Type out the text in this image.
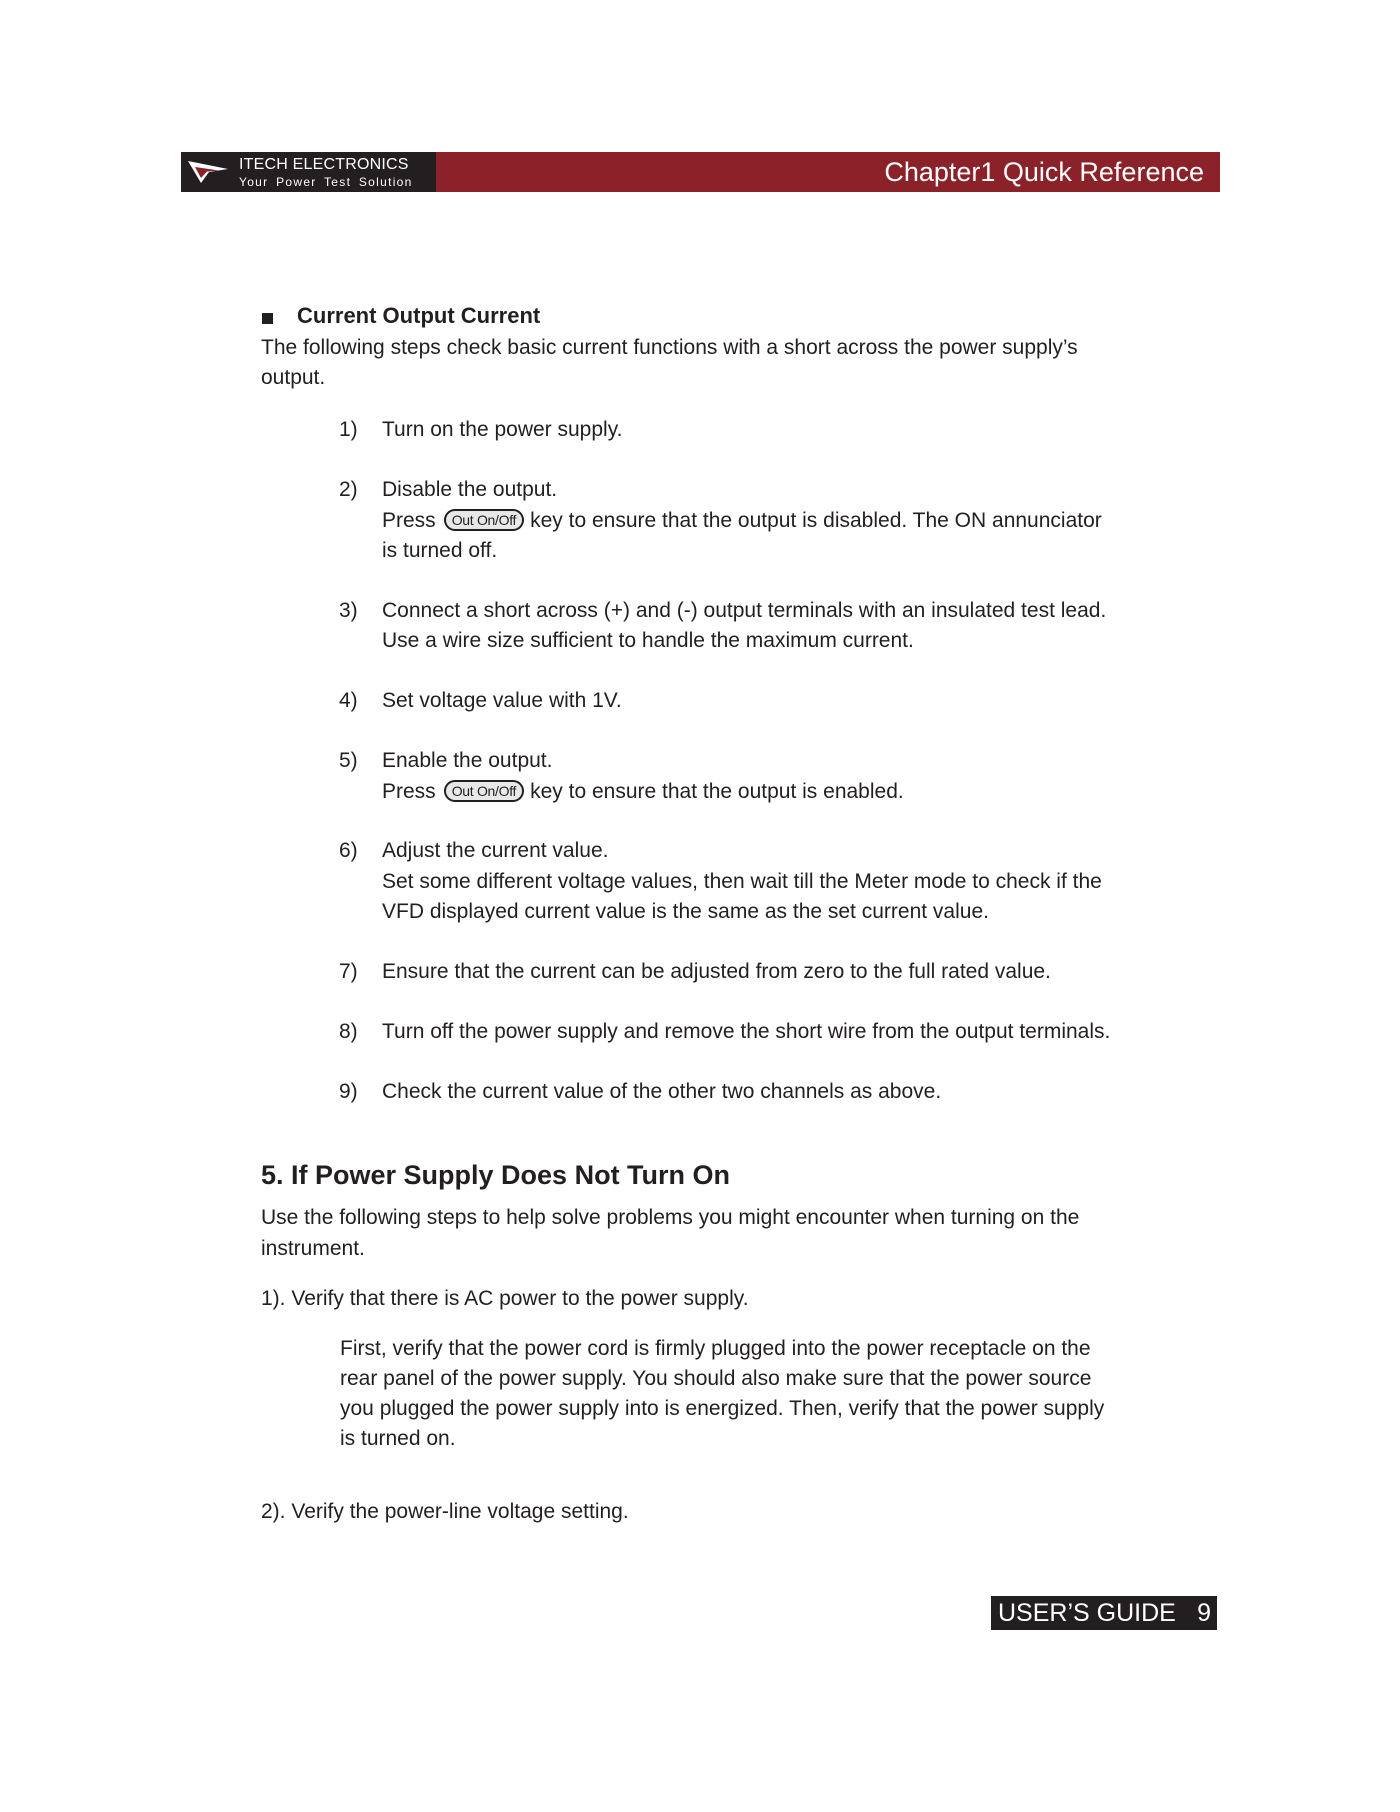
ITECH ELECTRONICS
Your Power Test Solution	Chapter1 Quick Reference
Current Output Current
The following steps check basic current functions with a short across the power supply’s
output.
1) Turn on the power supply.
2) Disable the output.
Press Out On/Off key to ensure that the output is disabled. The ON annunciator
is turned off.
3) Connect a short across (+) and (-) output terminals with an insulated test lead.
Use a wire size sufficient to handle the maximum current.
4) Set voltage value with 1V.
5) Enable the output.
Press Out On/Off key to ensure that the output is enabled.
6) Adjust the current value.
Set some different voltage values, then wait till the Meter mode to check if the
VFD displayed current value is the same as the set current value.
7) Ensure that the current can be adjusted from zero to the full rated value.
8) Turn off the power supply and remove the short wire from the output terminals.
9) Check the current value of the other two channels as above.
5. If Power Supply Does Not Turn On
Use the following steps to help solve problems you might encounter when turning on the
instrument.
1). Verify that there is AC power to the power supply.
First, verify that the power cord is firmly plugged into the power receptacle on the
rear panel of the power supply. You should also make sure that the power source
you plugged the power supply into is energized. Then, verify that the power supply
is turned on.
2). Verify the power-line voltage setting.
USER’S GUIDE 9
